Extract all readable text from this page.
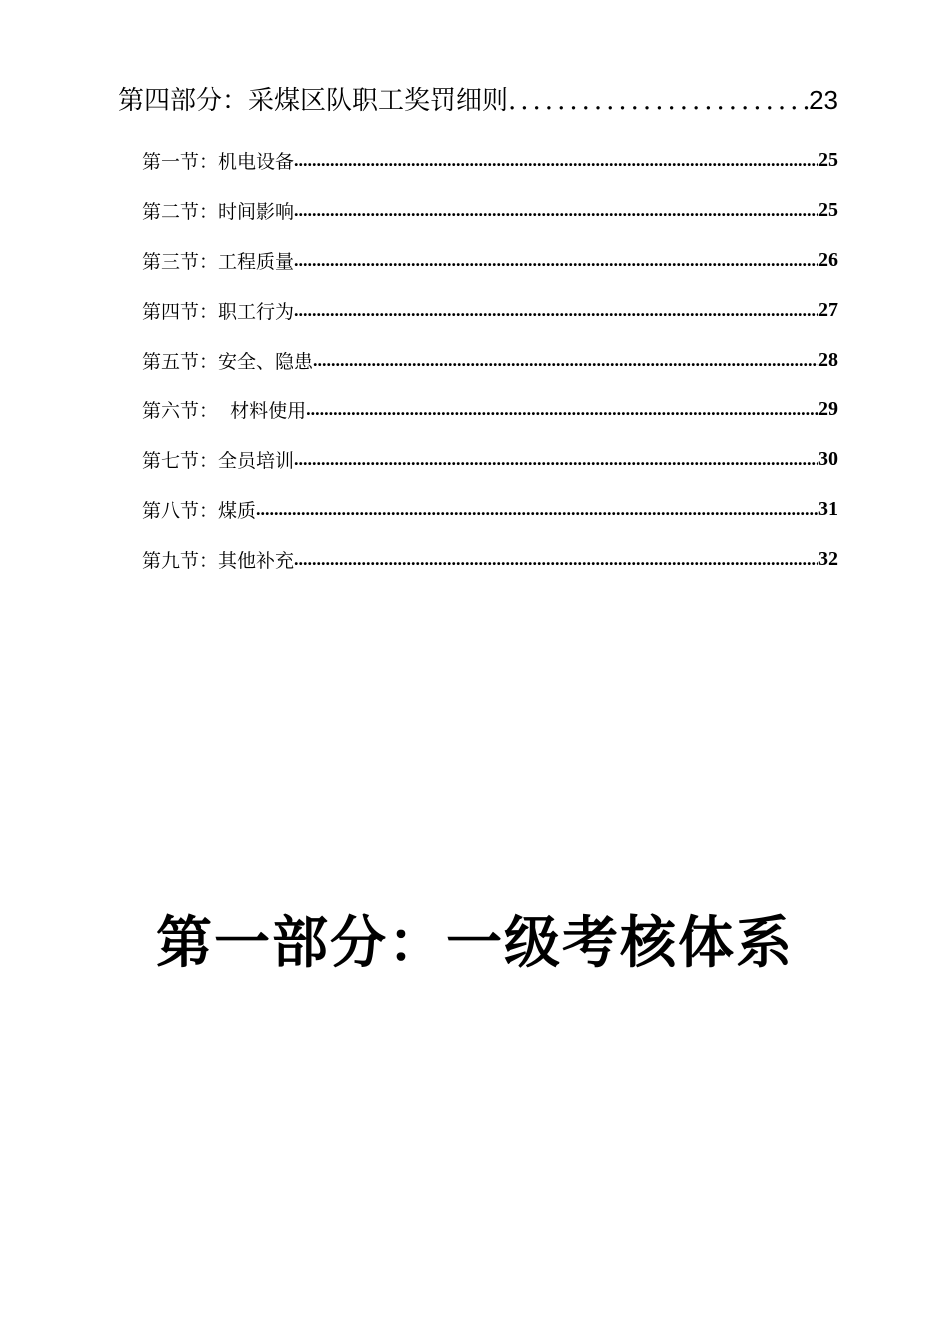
第四部分：采煤区队职工奖罚细则 .....	23
第一节：机电设备 .....	25
第二节：时间影响 .....	25
第三节：工程质量 .....	26
第四节：职工行为 .....	27
第五节：安全、隐患 .....	28
第六节：  材料使用 .....	29
第七节：全员培训 .....	30
第八节：煤质 .....	31
第九节：其他补充 .....	32
第一部分：一级考核体系
